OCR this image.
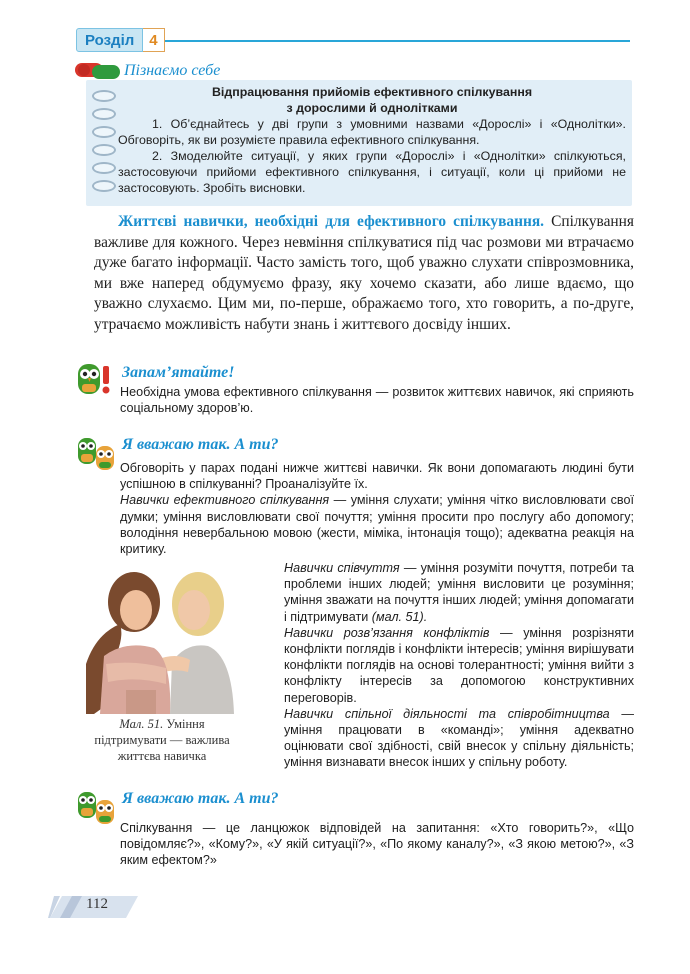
Розділ	4
Пізнаємо себе
Відпрацювання прийомів ефективного спілкування
з дорослими й однолітками

1. Об’єднайтесь у дві групи з умовними назвами «Дорослі» і «Однолітки». Обговоріть, як ви розумієте правила ефективного спілкування.

2. Змоделюйте ситуації, у яких групи «Дорослі» і «Однолітки» спілкуються, застосовуючи прийоми ефективного спілкування, і ситуації, коли ці прийоми не застосовують. Зробіть висновки.

Життєві навички, необхідні для ефективного спілкування. Спілкування важливе для кожного. Через невміння спілкуватися під час розмови ми втрачаємо дуже багато інформації. Часто замість того, щоб уважно слухати співрозмовника, ми вже наперед обдумуємо фразу, яку хочемо сказати, або лише вдаємо, що уважно слухаємо. Цим ми, по-перше, ображаємо того, хто говорить, а по-друге, утрачаємо можливість набути знань і життєвого досвіду інших.
Запам’ятайте!
Необхідна умова ефективного спілкування — розвиток життєвих навичок, які сприяють соціальному здоров’ю.
Я вважаю так. А ти?
Обговоріть у парах подані нижче життєві навички. Як вони допомагають людині бути успішною в спілкуванні? Проаналізуйте їх.
Навички ефективного спілкування — уміння слухати; уміння чітко висловлювати свої думки; уміння висловлювати свої почуття; уміння просити про послугу або допомогу; володіння невербальною мовою (жести, міміка, інтонація тощо); адекватна реакція на критику.
Мал. 51. Уміння підтримувати — важлива життєва навичка
Навички співчуття — уміння розуміти почуття, потреби та проблеми інших людей; уміння висловити це розуміння; уміння зважати на почуття інших людей; уміння допомагати і підтримувати (мал. 51).
Навички розв’язання конфліктів — уміння розрізняти конфлікти поглядів і конфлікти інтересів; уміння вирішувати конфлікти поглядів на основі толерантності; уміння вийти з конфлікту інтересів за допомогою конструктивних переговорів.
Навички спільної діяльності та співробітництва — уміння працювати в «команді»; уміння адекватно оцінювати свої здібності, свій внесок у спільну діяльність; уміння визнавати внесок інших у спільну роботу.
Я вважаю так. А ти?
Спілкування — це ланцюжок відповідей на запитання: «Хто говорить?», «Що повідомляє?», «Кому?», «У якій ситуації?», «По якому каналу?», «З якою метою?», «З яким ефектом?»
112
